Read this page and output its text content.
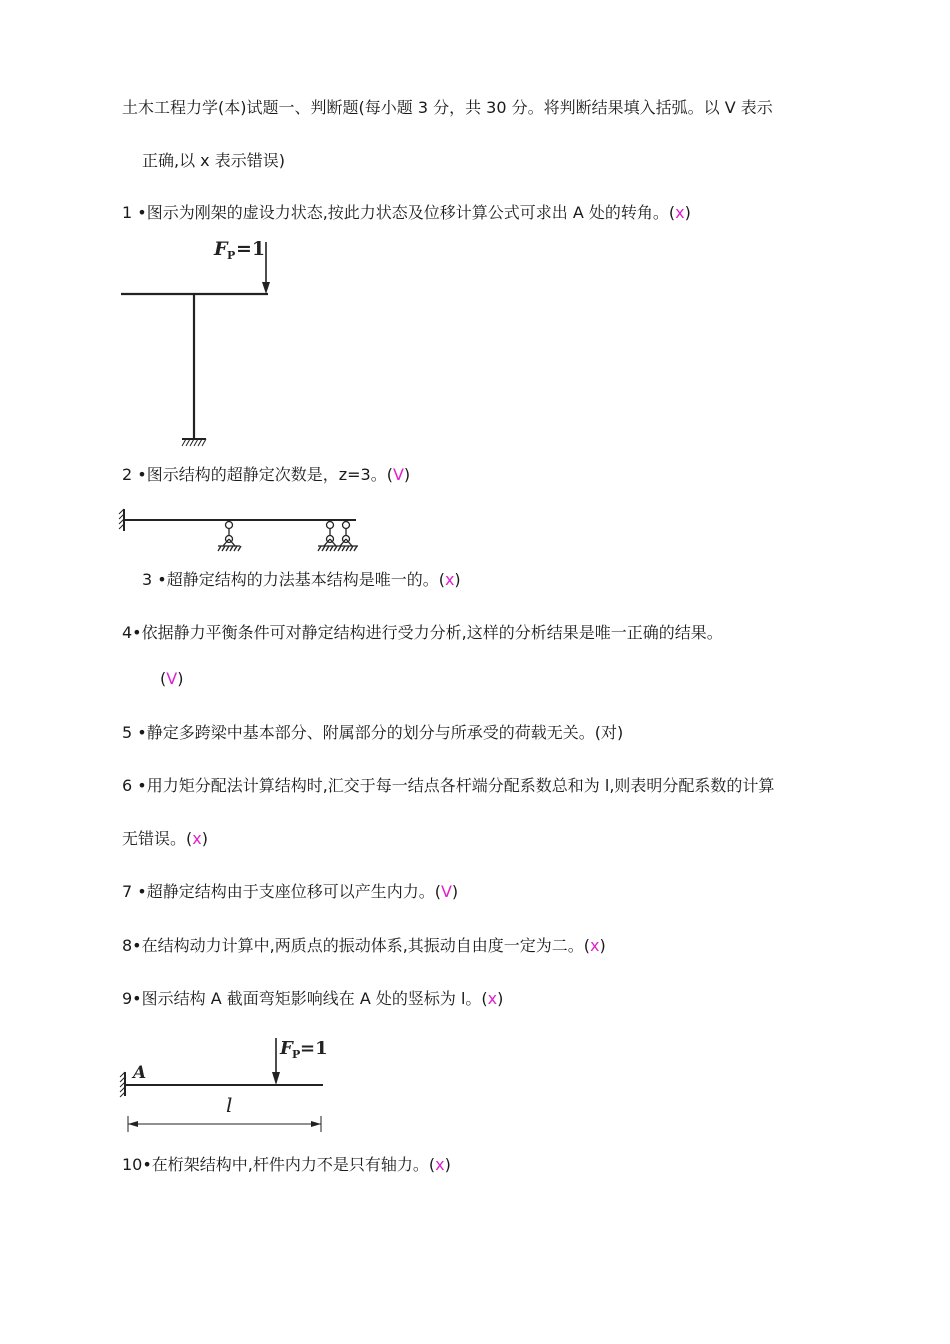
土木工程力学(本)试题一、判断题(每小题 3 分，共 30 分。将判断结果填入括弧。以 V 表示
正确,以 x 表示错误)
1 •图示为刚架的虚设力状态,按此力状态及位移计算公式可求出 A 处的转角。(x)
F P =1
2 •图示结构的超静定次数是，z=3。(V)
3 •超静定结构的力法基本结构是唯一的。(x)
4•依据静力平衡条件可对静定结构进行受力分析,这样的分析结果是唯一正确的结果。
(V)
5 •静定多跨梁中基本部分、附属部分的划分与所承受的荷载无关。(对)
6 •用力矩分配法计算结构时,汇交于每一结点各杆端分配系数总和为 l,则表明分配系数的计算
无错误。(x)
7 •超静定结构由于支座位移可以产生内力。(V)
8•在结构动力计算中,两质点的振动体系,其振动自由度一定为二。(x)
9•图示结构 A 截面弯矩影响线在 A 处的竖标为 l。(x)
F P =1
A
l
10•在桁架结构中,杆件内力不是只有轴力。(x)
